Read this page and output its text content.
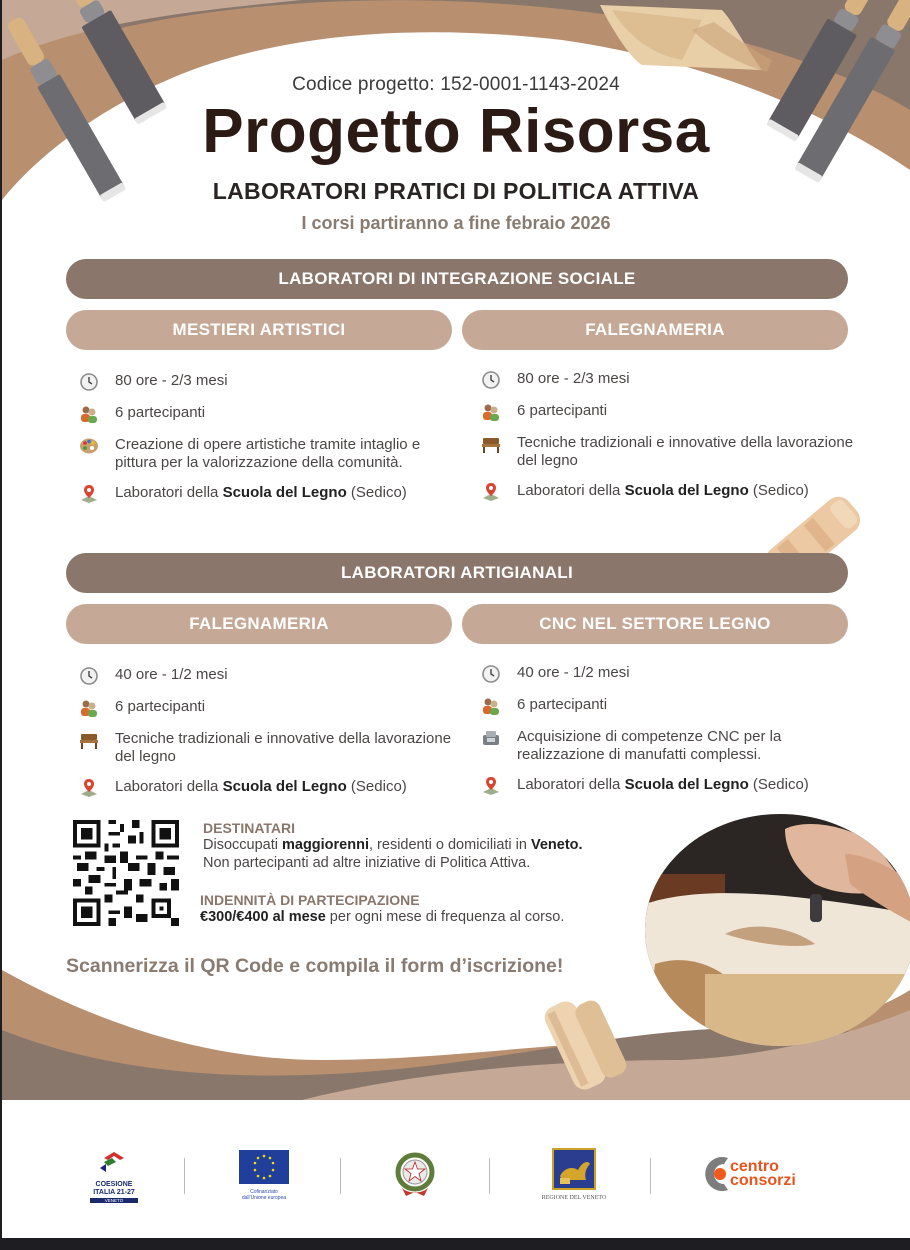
Codice progetto: 152-0001-1143-2024
Progetto Risorsa
LABORATORI PRATICI DI POLITICA ATTIVA
I corsi partiranno a fine febraio 2026
LABORATORI DI INTEGRAZIONE SOCIALE
MESTIERI ARTISTICI	FALEGNAMERIA
80 ore - 2/3 mesi
6 partecipanti
Creazione di opere artistiche tramite intaglio e pittura per la valorizzazione della comunità.
Laboratori della Scuola del Legno (Sedico)
80 ore - 2/3 mesi
6 partecipanti
Tecniche tradizionali e innovative della lavorazione del legno
Laboratori della Scuola del Legno (Sedico)
LABORATORI ARTIGIANALI
FALEGNAMERIA	CNC NEL SETTORE LEGNO
40 ore - 1/2 mesi
6 partecipanti
Tecniche tradizionali e innovative della lavorazione del legno
Laboratori della Scuola del Legno (Sedico)
40 ore - 1/2 mesi
6 partecipanti
Acquisizione di competenze CNC per la realizzazione di manufatti complessi.
Laboratori della Scuola del Legno (Sedico)
DESTINATARI
Disoccupati maggiorenni, residenti o domiciliati in Veneto.
Non partecipanti ad altre iniziative di Politica Attiva.
INDENNITÀ DI PARTECIPAZIONE
€300/€400 al mese per ogni mese di frequenza al corso.
Scannerizza il QR Code e compila il form d’iscrizione!
COESIONE
ITALIA 21-27
VENETO
Cofinanziato
dall'Unione europea	REGIONE DEL VENETO
centro
consorzi
